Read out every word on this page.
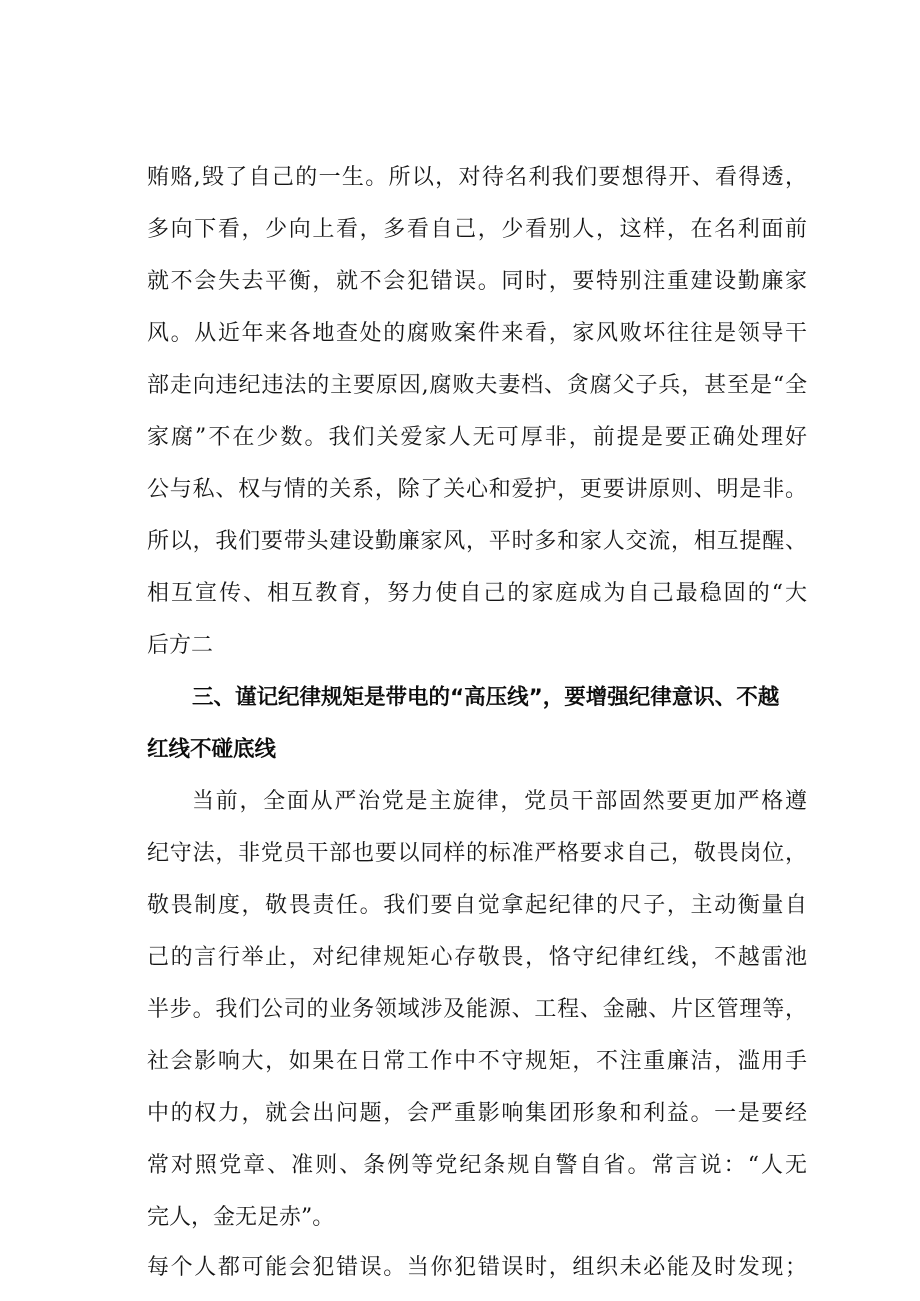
贿赂,毁了自己的一生。所以，对待名利我们要想得开、看得透，
多向下看，少向上看，多看自己，少看别人，这样，在名利面前
就不会失去平衡，就不会犯错误。同时，要特别注重建设勤廉家
风。从近年来各地查处的腐败案件来看，家风败坏往往是领导干
部走向违纪违法的主要原因,腐败夫妻档、贪腐父子兵，甚至是“全
家腐”不在少数。我们关爱家人无可厚非，前提是要正确处理好
公与私、权与情的关系，除了关心和爱护，更要讲原则、明是非。
所以，我们要带头建设勤廉家风，平时多和家人交流，相互提醒、
相互宣传、相互教育，努力使自己的家庭成为自己最稳固的“大
后方二
三、谨记纪律规矩是带电的“高压线”，要增强纪律意识、不越
红线不碰底线
当前，全面从严治党是主旋律，党员干部固然要更加严格遵
纪守法，非党员干部也要以同样的标准严格要求自己，敬畏岗位，
敬畏制度，敬畏责任。我们要自觉拿起纪律的尺子，主动衡量自
己的言行举止，对纪律规矩心存敬畏，恪守纪律红线，不越雷池
半步。我们公司的业务领域涉及能源、工程、金融、片区管理等，
社会影响大，如果在日常工作中不守规矩，不注重廉洁，滥用手
中的权力，就会出问题，会严重影响集团形象和利益。一是要经
常对照党章、准则、条例等党纪条规自警自省。常言说：“人无
完人，金无足赤”。
每个人都可能会犯错误。当你犯错误时，组织未必能及时发现；
